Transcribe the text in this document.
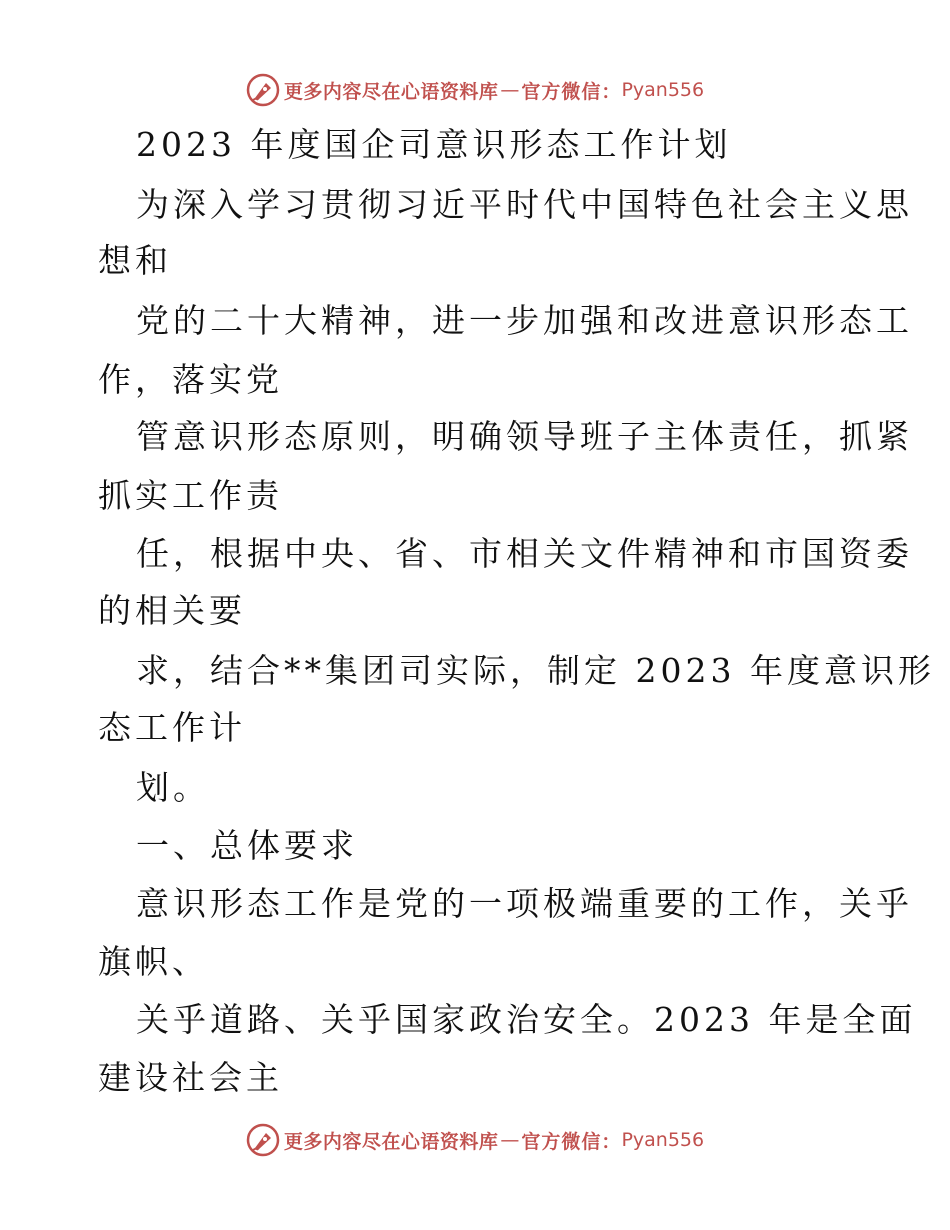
更多内容尽在心语资料库 — 官方微信： Pyan556
2023 年度国企司意识形态工作计划
为深入学习贯彻习近平时代中国特色社会主义思
想和
党的二十大精神，进一步加强和改进意识形态工
作，落实党
管意识形态原则，明确领导班子主体责任，抓紧
抓实工作责
任，根据中央、省、市相关文件精神和市国资委
的相关要
求，结合**集团司实际，制定 2023 年度意识形
态工作计
划。
一、总体要求
意识形态工作是党的一项极端重要的工作，关乎
旗帜、
关乎道路、关乎国家政治安全。2023 年是全面
建设社会主
更多内容尽在心语资料库 — 官方微信： Pyan556
